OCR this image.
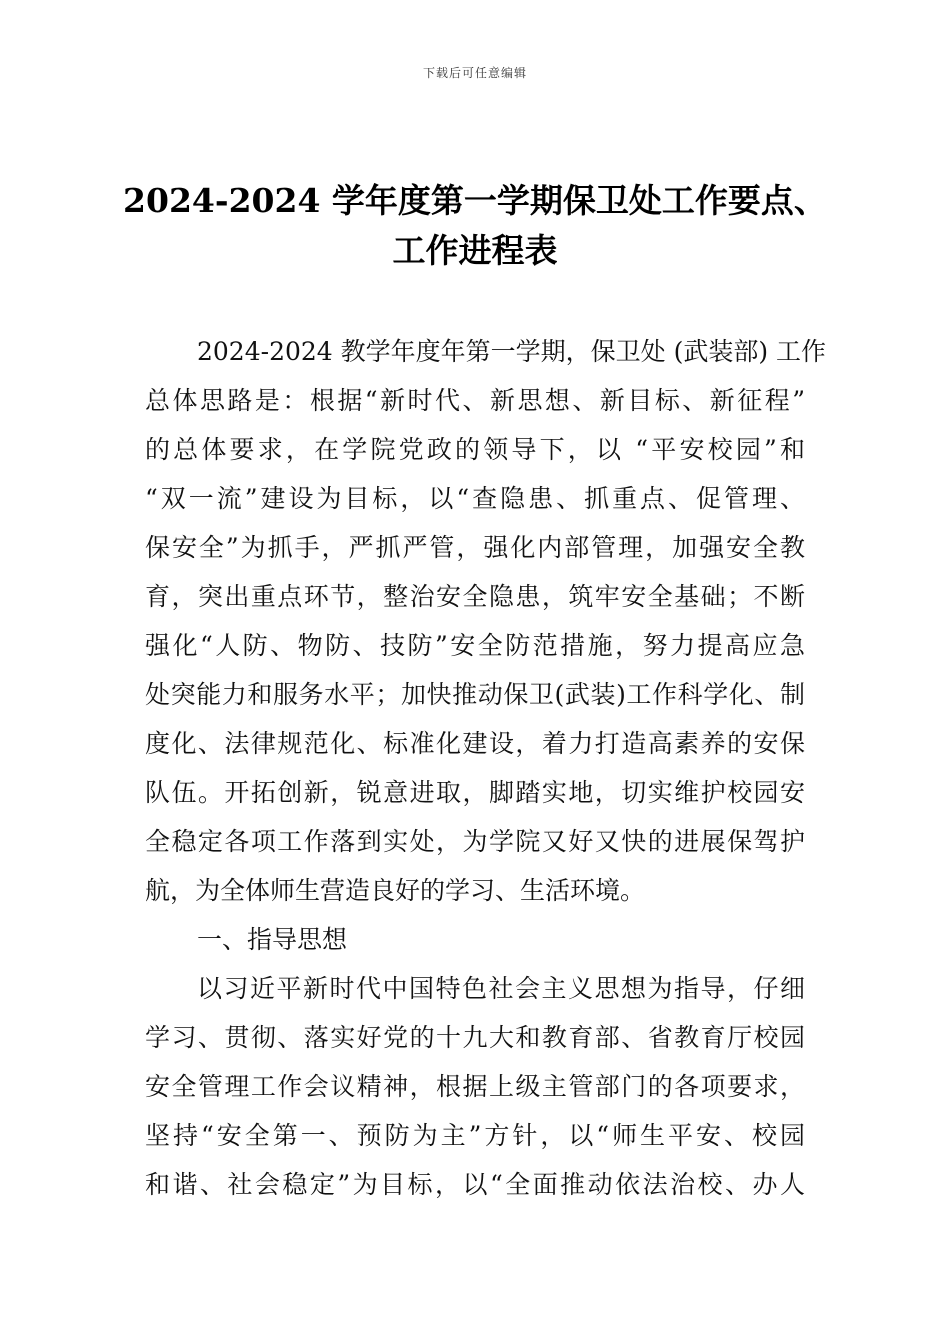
下载后可任意编辑
2024-2024 学年度第一学期保卫处工作要点、
工作进程表
2024-2024 教学年度年第一学期，保卫处 (武装部) 工作
总体思路是：根据“新时代、新思想、新目标、新征程”
的总体要求，在学院党政的领导下，以 “平安校园”和
“双一流”建设为目标，以“查隐患、抓重点、促管理、
保安全”为抓手，严抓严管，强化内部管理，加强安全教
育，突出重点环节，整治安全隐患，筑牢安全基础；不断
强化“人防、物防、技防”安全防范措施，努力提高应急
处突能力和服务水平；加快推动保卫(武装)工作科学化、制
度化、法律规范化、标准化建设，着力打造高素养的安保
队伍。开拓创新，锐意进取，脚踏实地，切实维护校园安
全稳定各项工作落到实处，为学院又好又快的进展保驾护
航，为全体师生营造良好的学习、生活环境。
一、指导思想
以习近平新时代中国特色社会主义思想为指导，仔细
学习、贯彻、落实好党的十九大和教育部、省教育厅校园
安全管理工作会议精神，根据上级主管部门的各项要求，
坚持“安全第一、预防为主”方针，以“师生平安、校园
和谐、社会稳定”为目标，以“全面推动依法治校、办人
